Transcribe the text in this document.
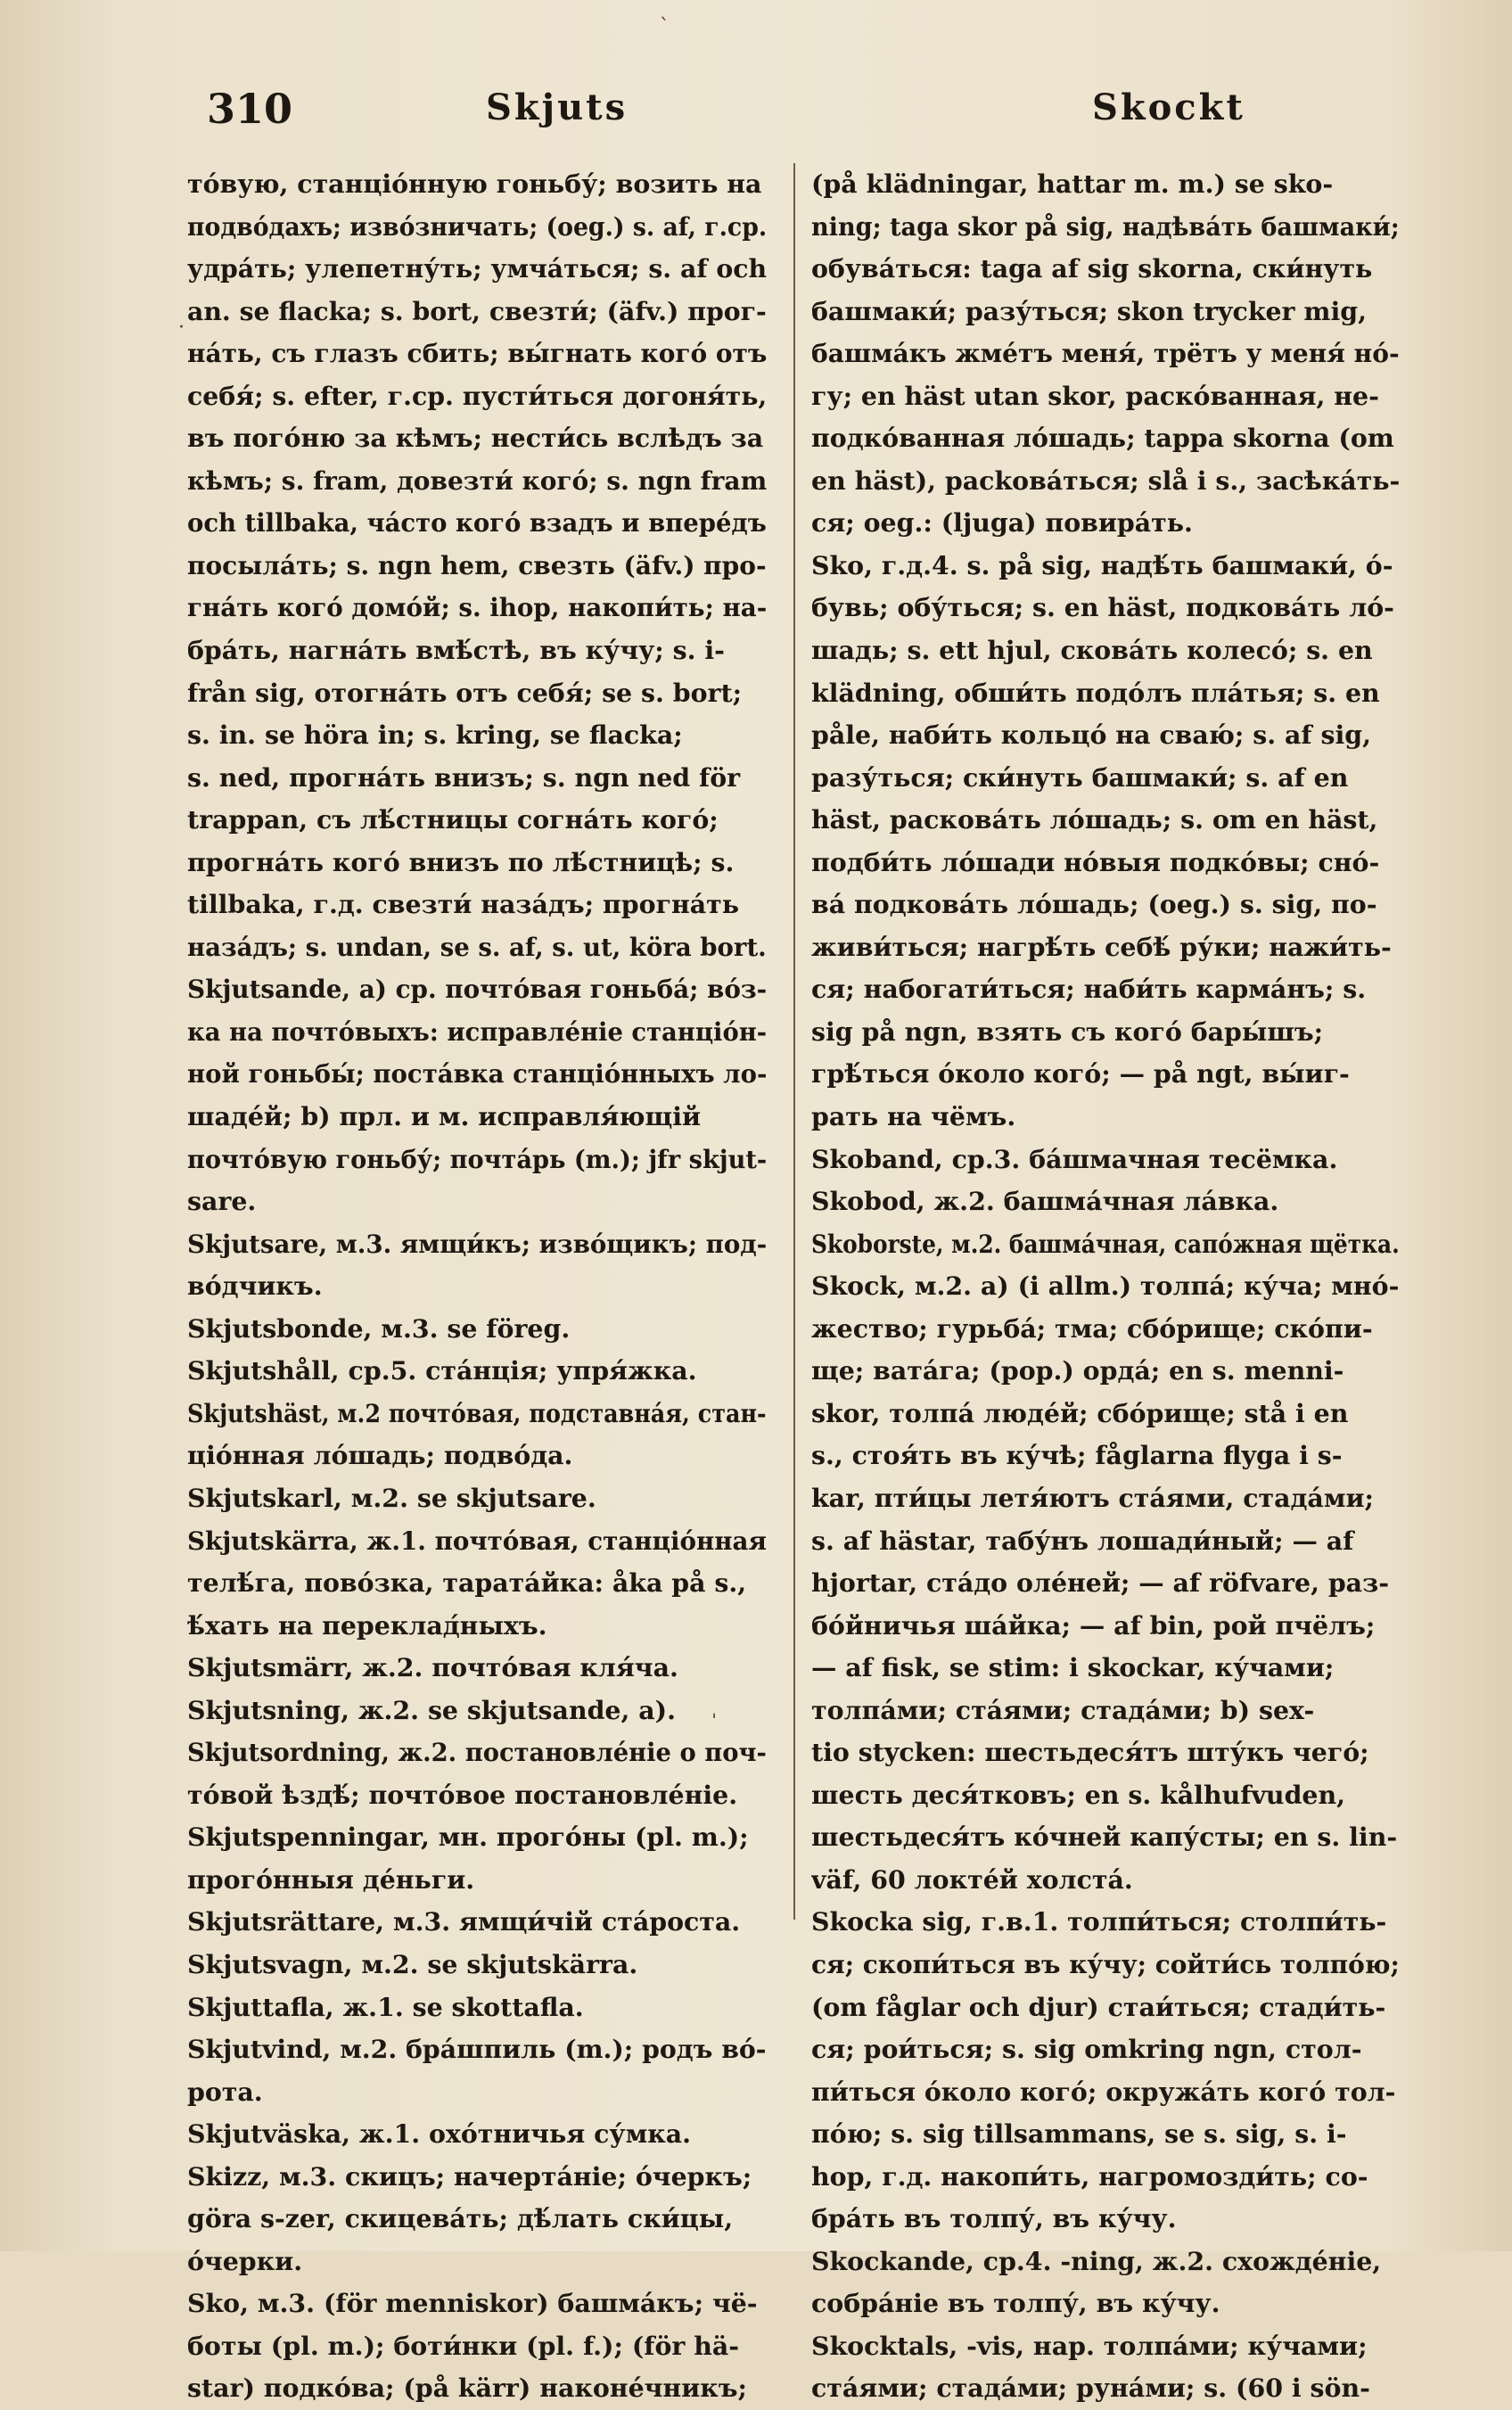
310	Skjuts	Skockt
то́вую, станціо́нную гоньбу́; возить на
подво́дахъ; изво́зничать; (oeg.) s. af, г.ср.
удра́ть; улепетну́ть; умча́ться; s. af och
an. se flacka; s. bort, свезти́; (äfv.) прог-
на́ть, съ глазъ сбить; вы́гнать кого́ отъ
себя́; s. efter, г.ср. пусти́ться догоня́ть,
въ пого́ню за кѣмъ; нести́сь вслѣдъ за
кѣмъ; s. fram, довезти́ кого́; s. ngn fram
och tillbaka, ча́сто кого́ взадъ и впере́дъ
посыла́ть; s. ngn hem, свезть (äfv.) про-
гна́ть кого́ домо́й; s. ihop, накопи́ть; на-
бра́ть, нагна́ть вмѣ́стѣ, въ ку́чу; s. i-
från sig, отогна́ть отъ себя́; se s. bort;
s. in. se höra in; s. kring, se flacka;
s. ned, прогна́ть внизъ; s. ngn ned för
trappan, съ лѣ́стницы согна́ть кого́;
прогна́ть кого́ внизъ по лѣ́стницѣ; s.
tillbaka, г.д. свезти́ наза́дъ; прогна́ть
наза́дъ; s. undan, se s. af, s. ut, köra bort.
Skjutsande, a) ср. почто́вая гоньба́; во́з-
ка на почто́выхъ: исправле́ніе станціо́н-
ной гоньбы́; поста́вка станціо́нныхъ ло-
шаде́й; b) прл. и м. исправля́ющій
почто́вую гоньбу́; почта́рь (m.); jfr skjut-
sare.
Skjutsare, м.3. ямщи́къ; изво́щикъ; под-
во́дчикъ.
Skjutsbonde, м.3. se föreg.
Skjutshåll, ср.5. ста́нція; упря́жка.
Skjutshäst, м.2 почто́вая, подставна́я, стан-
ціо́нная ло́шадь; подво́да.
Skjutskarl, м.2. se skjutsare.
Skjutskärra, ж.1. почто́вая, станціо́нная
телѣ́га, пово́зка, тарата́йка: åka på s.,
ѣ́хать на переклад́ныхъ.
Skjutsmärr, ж.2. почто́вая кля́ча.
Skjutsning, ж.2. se skjutsande, a).
Skjutsordning, ж.2. постановле́ніе о поч-
то́вой ѣздѣ́; почто́вое постановле́ніе.
Skjutspenningar, мн. прого́ны (pl. m.);
прого́нныя де́ньги.
Skjutsrättare, м.3. ямщи́чій ста́роста.
Skjutsvagn, м.2. se skjutskärra.
Skjuttafla, ж.1. se skottafla.
Skjutvind, м.2. бра́шпиль (m.); родъ во́-
рота.
Skjutväska, ж.1. охо́тничья су́мка.
Skizz, м.3. скицъ; начерта́ніе; о́черкъ;
göra s-zer, скицева́ть; дѣ́лать ски́цы,
о́черки.
Sko, м.3. (för menniskor) башма́къ; чё-
боты (pl. m.); боти́нки (pl. f.); (för hä-
star) подко́ва; (på kärr) наконе́чникъ;
(på klädningar, hattar m. m.) se sko-
ning; taga skor på sig, надѣва́ть башмаки́;
обува́ться: taga af sig skorna, ски́нуть
башмаки́; разу́ться; skon trycker mig,
башма́къ жме́тъ меня́, трётъ у меня́ но́-
гу; en häst utan skor, раско́ванная, не-
подко́ванная ло́шадь; tappa skorna (om
en häst), расkова́ться; slå i s., засѣка́ть-
ся; oeg.: (ljuga) повира́ть.
Sko, г.д.4. s. på sig, надѣ́ть башмаки́, о́-
бувь; обу́ться; s. en häst, подкова́ть ло́-
шадь; s. ett hjul, скова́ть колесо́; s. en
klädning, обши́ть подо́лъ пла́тья; s. en
påle, наби́ть кольцо́ на сваю́; s. af sig,
разу́ться; ски́нуть башмаки́; s. af en
häst, раскова́ть ло́шадь; s. om en häst,
подби́ть ло́шади но́выя подко́вы; сно́-
ва́ подкова́ть ло́шадь; (oeg.) s. sig, по-
живи́ться; нагрѣ́ть себѣ́ ру́ки; нажи́ть-
ся; набогати́ться; наби́ть карма́нъ; s.
sig på ngn, взять съ кого́ бары́шъ;
грѣ́ться о́коло кого́; — på ngt, вы́иг-
рать на чёмъ.
Skoband, ср.3. ба́шмачная тесёмка.
Skobod, ж.2. башма́чная ла́вка.
Skoborste, м.2. башма́чная, сапо́жная щётка.
Skock, м.2. a) (i allm.) толпа́; ку́ча; мно́-
жество; гурьба́; тма; сбо́рище; ско́пи-
ще; вата́га; (pop.) орда́; en s. menni-
skor, толпа́ люде́й; сбо́рище; stå i en
s., стоя́ть въ ку́чѣ; fåglarna flyga i s-
kar, пти́цы летя́ютъ ста́ями, стада́ми;
s. af hästar, табу́нъ лошади́ный; — af
hjortar, ста́до оле́ней; — af röfvare, раз-
бо́йничья ша́йка; — af bin, рой пчёлъ;
— af fisk, se stim: i skockar, ку́чами;
толпа́ми; ста́ями; стада́ми; b) sex-
tio stycken: шестьдеся́тъ шту́къ чего́;
шесть деся́тковъ; en s. kålhufvuden,
шестьдеся́тъ ко́чней капу́сты; en s. lin-
väf, 60 локте́й холста́.
Skocka sig, г.в.1. толпи́ться; столпи́ть-
ся; скопи́ться въ ку́чу; сойти́сь толпо́ю;
(om fåglar och djur) стаи́ться; стади́ть-
ся; рои́ться; s. sig omkring ngn, стол-
пи́ться о́коло кого́; окружа́ть кого́ тол-
по́ю; s. sig tillsammans, se s. sig, s. i-
hop, г.д. накопи́ть, нагромозди́ть; со-
бра́ть въ толпу́, въ ку́чу.
Skockande, ср.4. -ning, ж.2. схожде́ніе,
собра́ніе въ толпу́, въ ку́чу.
Skocktals, -vis, нар. толпа́ми; ку́чами;
ста́ями; стада́ми; руна́ми; s. (60 i sön-
ˋ
·
ˈ
